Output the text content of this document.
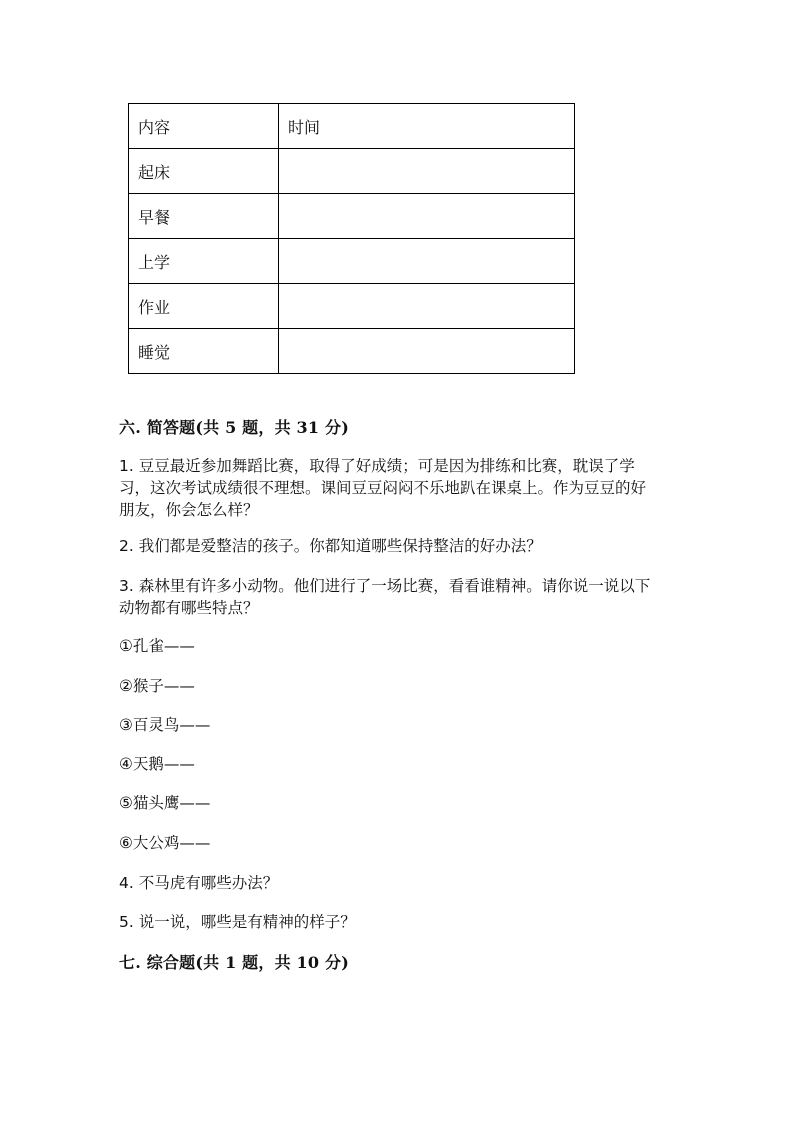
内容	时间
起床	
早餐	
上学	
作业	
睡觉	
六. 简答题(共 5 题，共 31 分)
1. 豆豆最近参加舞蹈比赛，取得了好成绩；可是因为排练和比赛，耽误了学
习，这次考试成绩很不理想。课间豆豆闷闷不乐地趴在课桌上。作为豆豆的好
朋友，你会怎么样？
2. 我们都是爱整洁的孩子。你都知道哪些保持整洁的好办法？
3. 森林里有许多小动物。他们进行了一场比赛，看看谁精神。请你说一说以下
动物都有哪些特点？
①孔雀——
②猴子——
③百灵鸟——
④天鹅——
⑤猫头鹰——
⑥大公鸡——
4. 不马虎有哪些办法？
5. 说一说，哪些是有精神的样子？
七. 综合题(共 1 题，共 10 分)
